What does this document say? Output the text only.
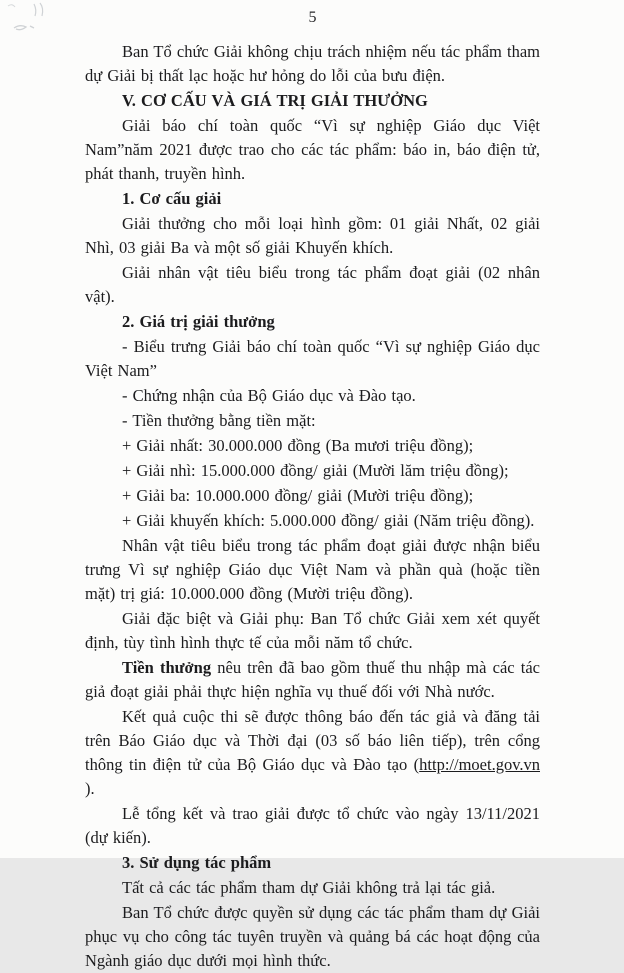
5

Ban Tổ chức Giải không chịu trách nhiệm nếu tác phẩm tham dự Giải bị thất lạc hoặc hư hỏng do lỗi của bưu điện.

V. CƠ CẤU VÀ GIÁ TRỊ GIẢI THƯỞNG

Giải báo chí toàn quốc “Vì sự nghiệp Giáo dục Việt Nam”năm 2021 được trao cho các tác phẩm: báo in, báo điện tử, phát thanh, truyền hình.

1. Cơ cấu giải

Giải thưởng cho mỗi loại hình gồm: 01 giải Nhất, 02 giải Nhì, 03 giải Ba và một số giải Khuyến khích.

Giải nhân vật tiêu biểu trong tác phẩm đoạt giải (02 nhân vật).

2. Giá trị giải thưởng

- Biểu trưng Giải báo chí toàn quốc “Vì sự nghiệp Giáo dục Việt Nam”

- Chứng nhận của Bộ Giáo dục và Đào tạo.

- Tiền thưởng bằng tiền mặt:

+ Giải nhất: 30.000.000 đồng (Ba mươi triệu đồng);

+ Giải nhì: 15.000.000 đồng/ giải (Mười lăm triệu đồng);

+ Giải ba: 10.000.000 đồng/ giải (Mười triệu đồng);

+ Giải khuyến khích: 5.000.000 đồng/ giải (Năm triệu đồng).

Nhân vật tiêu biểu trong tác phẩm đoạt giải được nhận biểu trưng Vì sự nghiệp Giáo dục Việt Nam và phần quà (hoặc tiền mặt) trị giá: 10.000.000 đồng (Mười triệu đồng).

Giải đặc biệt và Giải phụ: Ban Tổ chức Giải xem xét quyết định, tùy tình hình thực tế của mỗi năm tổ chức.

Tiền thưởng nêu trên đã bao gồm thuế thu nhập mà các tác giả đoạt giải phải thực hiện nghĩa vụ thuế đối với Nhà nước.

Kết quả cuộc thi sẽ được thông báo đến tác giả và đăng tải trên Báo Giáo dục và Thời đại (03 số báo liên tiếp), trên cổng thông tin điện tử của Bộ Giáo dục và Đào tạo (http://moet.gov.vn ).

Lễ tổng kết và trao giải được tổ chức vào ngày 13/11/2021 (dự kiến).

3. Sử dụng tác phẩm

Tất cả các tác phẩm tham dự Giải không trả lại tác giả.

Ban Tổ chức được quyền sử dụng các tác phẩm tham dự Giải phục vụ cho công tác tuyên truyền và quảng bá các hoạt động của Ngành giáo dục dưới mọi hình thức.
